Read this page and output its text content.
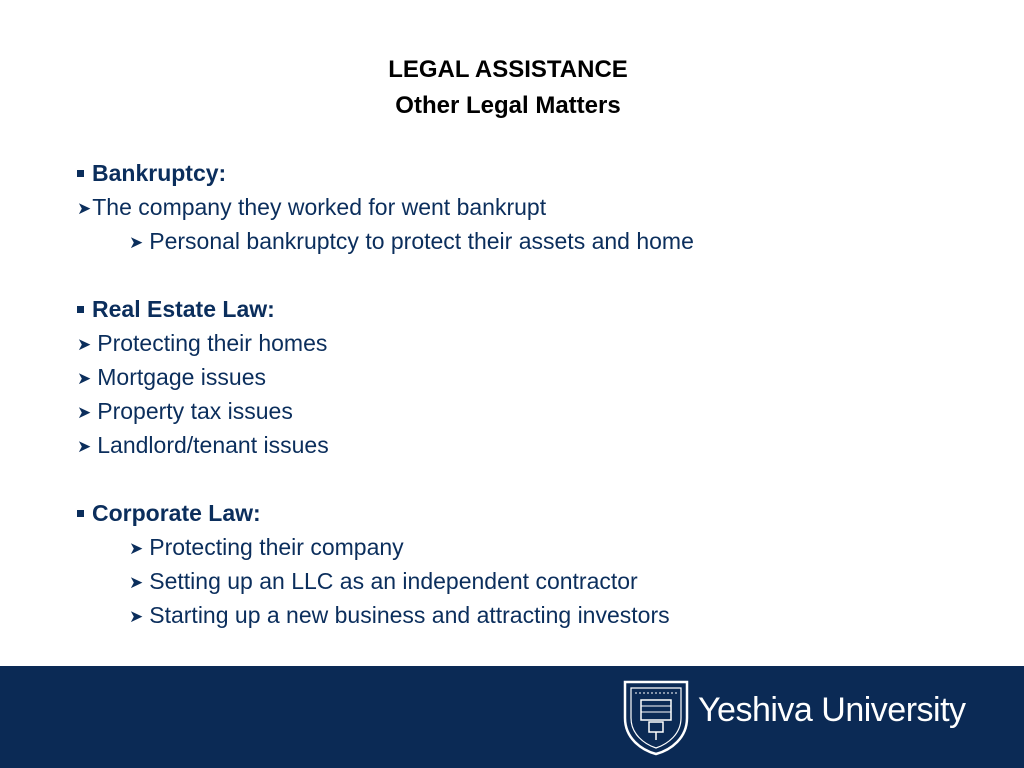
LEGAL ASSISTANCE
Other Legal Matters
Bankruptcy:
➤The company they worked for went bankrupt
➤ Personal bankruptcy to protect their assets and home
Real Estate Law:
➤ Protecting their homes
➤ Mortgage issues
➤ Property tax issues
➤ Landlord/tenant issues
Corporate Law:
➤ Protecting their company
➤ Setting up an LLC as an independent contractor
➤ Starting up a new business and attracting investors
Yeshiva University
